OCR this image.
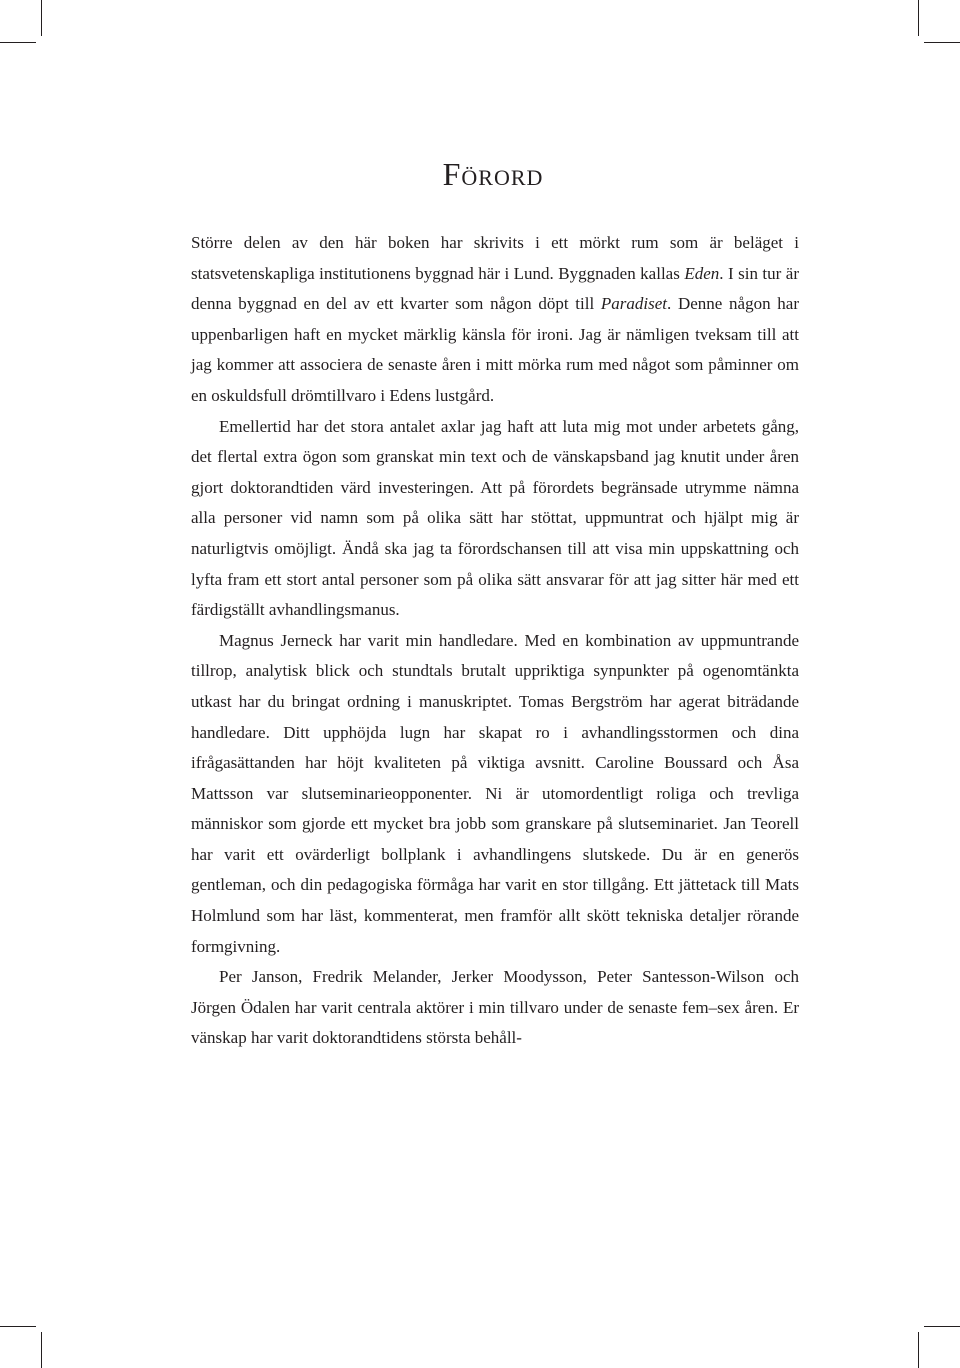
Förord

Större delen av den här boken har skrivits i ett mörkt rum som är beläget i statsvetenskapliga institutionens byggnad här i Lund. Byggnaden kallas Eden. I sin tur är denna byggnad en del av ett kvarter som någon döpt till Paradiset. Denne någon har uppenbarligen haft en mycket märklig känsla för ironi. Jag är nämligen tveksam till att jag kommer att associera de senaste åren i mitt mörka rum med något som påminner om en oskuldsfull drömtillvaro i Edens lustgård.

Emellertid har det stora antalet axlar jag haft att luta mig mot under arbetets gång, det flertal extra ögon som granskat min text och de vänskapsband jag knutit under åren gjort doktorandtiden värd investeringen. Att på förordets begränsade utrymme nämna alla personer vid namn som på olika sätt har stöttat, uppmuntrat och hjälpt mig är naturligtvis omöjligt. Ändå ska jag ta förordschansen till att visa min uppskattning och lyfta fram ett stort antal personer som på olika sätt ansvarar för att jag sitter här med ett färdigställt avhandlingsmanus.

Magnus Jerneck har varit min handledare. Med en kombination av uppmuntrande tillrop, analytisk blick och stundtals brutalt uppriktiga synpunkter på ogenomtänkta utkast har du bringat ordning i manuskriptet. Tomas Bergström har agerat biträdande handledare. Ditt upphöjda lugn har skapat ro i avhandlingsstormen och dina ifrågasättanden har höjt kvaliteten på viktiga avsnitt. Caroline Boussard och Åsa Mattsson var slutseminarieopponenter. Ni är utomordentligt roliga och trevliga människor som gjorde ett mycket bra jobb som granskare på slutseminariet. Jan Teorell har varit ett ovärderligt bollplank i avhandlingens slutskede. Du är en generös gentleman, och din pedagogiska förmåga har varit en stor tillgång. Ett jättetack till Mats Holmlund som har läst, kommenterat, men framför allt skött tekniska detaljer rörande formgivning.

Per Janson, Fredrik Melander, Jerker Moodysson, Peter Santesson-Wilson och Jörgen Ödalen har varit centrala aktörer i min tillvaro under de senaste fem–sex åren. Er vänskap har varit doktorandtidens största behåll-
